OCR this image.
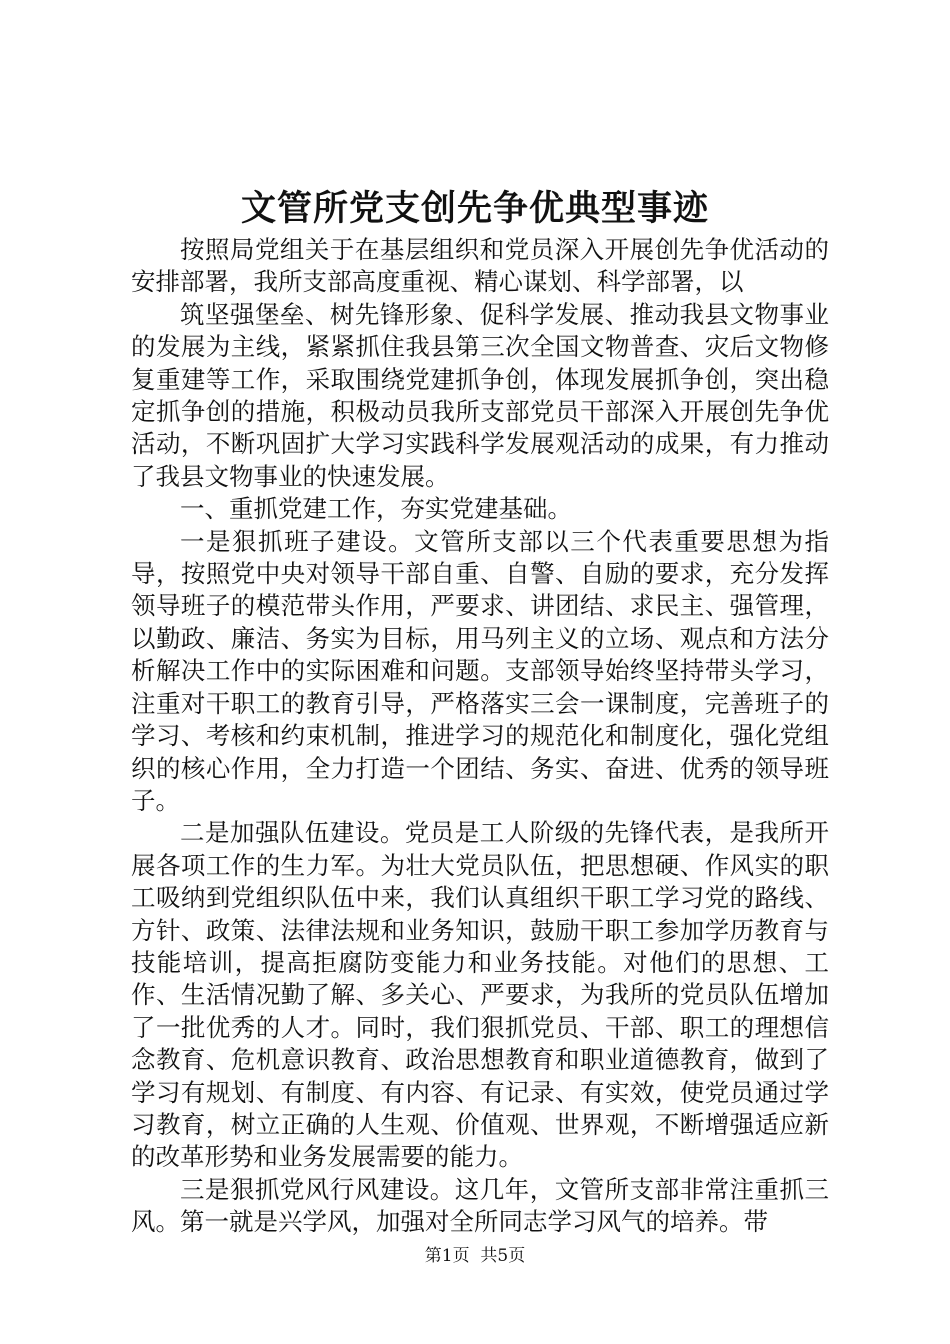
文管所党支创先争优典型事迹

按照局党组关于在基层组织和党员深入开展创先争优活动的安排部署，我所支部高度重视、精心谋划、科学部署，以

筑坚强堡垒、树先锋形象、促科学发展、推动我县文物事业的发展为主线，紧紧抓住我县第三次全国文物普查、灾后文物修复重建等工作，采取围绕党建抓争创，体现发展抓争创，突出稳定抓争创的措施，积极动员我所支部党员干部深入开展创先争优活动，不断巩固扩大学习实践科学发展观活动的成果，有力推动了我县文物事业的快速发展。

一、重抓党建工作，夯实党建基础。

一是狠抓班子建设。文管所支部以三个代表重要思想为指导，按照党中央对领导干部自重、自警、自励的要求，充分发挥领导班子的模范带头作用，严要求、讲团结、求民主、强管理，以勤政、廉洁、务实为目标，用马列主义的立场、观点和方法分析解决工作中的实际困难和问题。支部领导始终坚持带头学习，注重对干职工的教育引导，严格落实三会一课制度，完善班子的学习、考核和约束机制，推进学习的规范化和制度化，强化党组织的核心作用，全力打造一个团结、务实、奋进、优秀的领导班子。

二是加强队伍建设。党员是工人阶级的先锋代表，是我所开展各项工作的生力军。为壮大党员队伍，把思想硬、作风实的职工吸纳到党组织队伍中来，我们认真组织干职工学习党的路线、方针、政策、法律法规和业务知识，鼓励干职工参加学历教育与技能培训，提高拒腐防变能力和业务技能。对他们的思想、工作、生活情况勤了解、多关心、严要求，为我所的党员队伍增加了一批优秀的人才。同时，我们狠抓党员、干部、职工的理想信念教育、危机意识教育、政治思想教育和职业道德教育，做到了学习有规划、有制度、有内容、有记录、有实效，使党员通过学习教育，树立正确的人生观、价值观、世界观，不断增强适应新的改革形势和业务发展需要的能力。

三是狠抓党风行风建设。这几年，文管所支部非常注重抓三风。第一就是兴学风，加强对全所同志学习风气的培养。带

第1页 共5页
